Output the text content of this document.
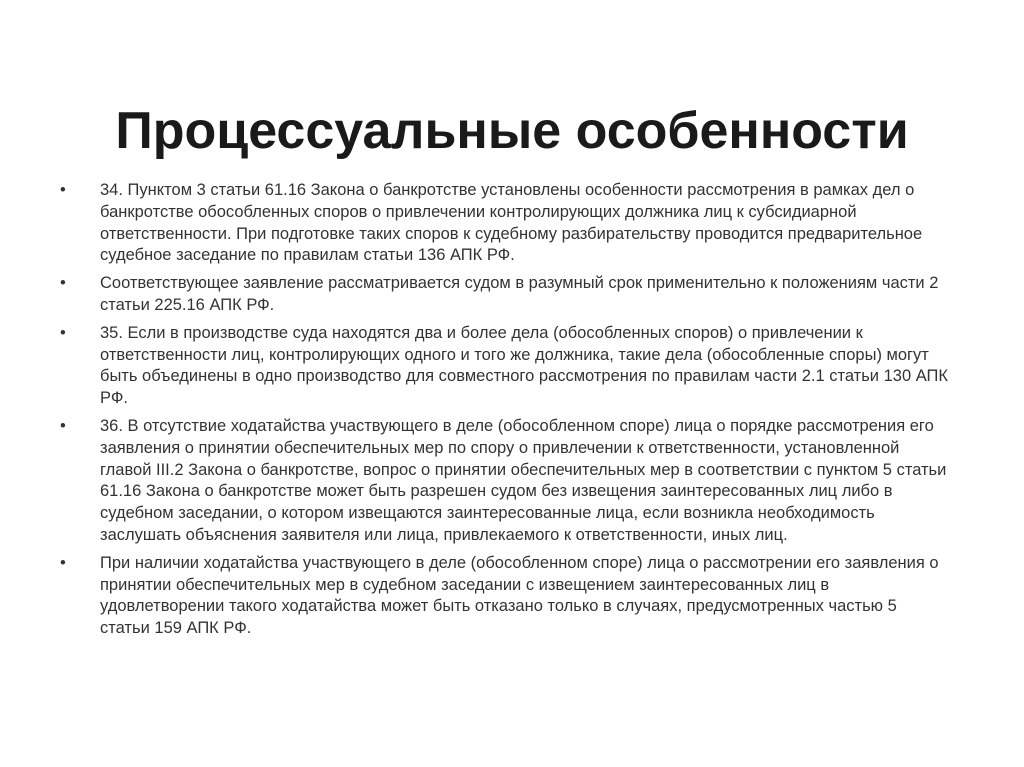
Процессуальные особенности
•	34. Пунктом 3 статьи 61.16 Закона о банкротстве установлены особенности рассмотрения в рамках дел о банкротстве обособленных споров о привлечении контролирующих должника лиц к субсидиарной ответственности. При подготовке таких споров к судебному разбирательству проводится предварительное судебное заседание по правилам статьи 136 АПК РФ.
•	Соответствующее заявление рассматривается судом в разумный срок применительно к положениям части 2 статьи 225.16 АПК РФ.
•	35. Если в производстве суда находятся два и более дела (обособленных споров) о привлечении к ответственности лиц, контролирующих одного и того же должника, такие дела (обособленные споры) могут быть объединены в одно производство для совместного рассмотрения по правилам части 2.1 статьи 130 АПК РФ.
•	36. В отсутствие ходатайства участвующего в деле (обособленном споре) лица о порядке рассмотрения его заявления о принятии обеспечительных мер по спору о привлечении к ответственности, установленной главой III.2 Закона о банкротстве, вопрос о принятии обеспечительных мер в соответствии с пунктом 5 статьи 61.16 Закона о банкротстве может быть разрешен судом без извещения заинтересованных лиц либо в судебном заседании, о котором извещаются заинтересованные лица, если возникла необходимость заслушать объяснения заявителя или лица, привлекаемого к ответственности, иных лиц.
•	При наличии ходатайства участвующего в деле (обособленном споре) лица о рассмотрении его заявления о принятии обеспечительных мер в судебном заседании с извещением заинтересованных лиц в удовлетворении такого ходатайства может быть отказано только в случаях, предусмотренных частью 5 статьи 159 АПК РФ.
